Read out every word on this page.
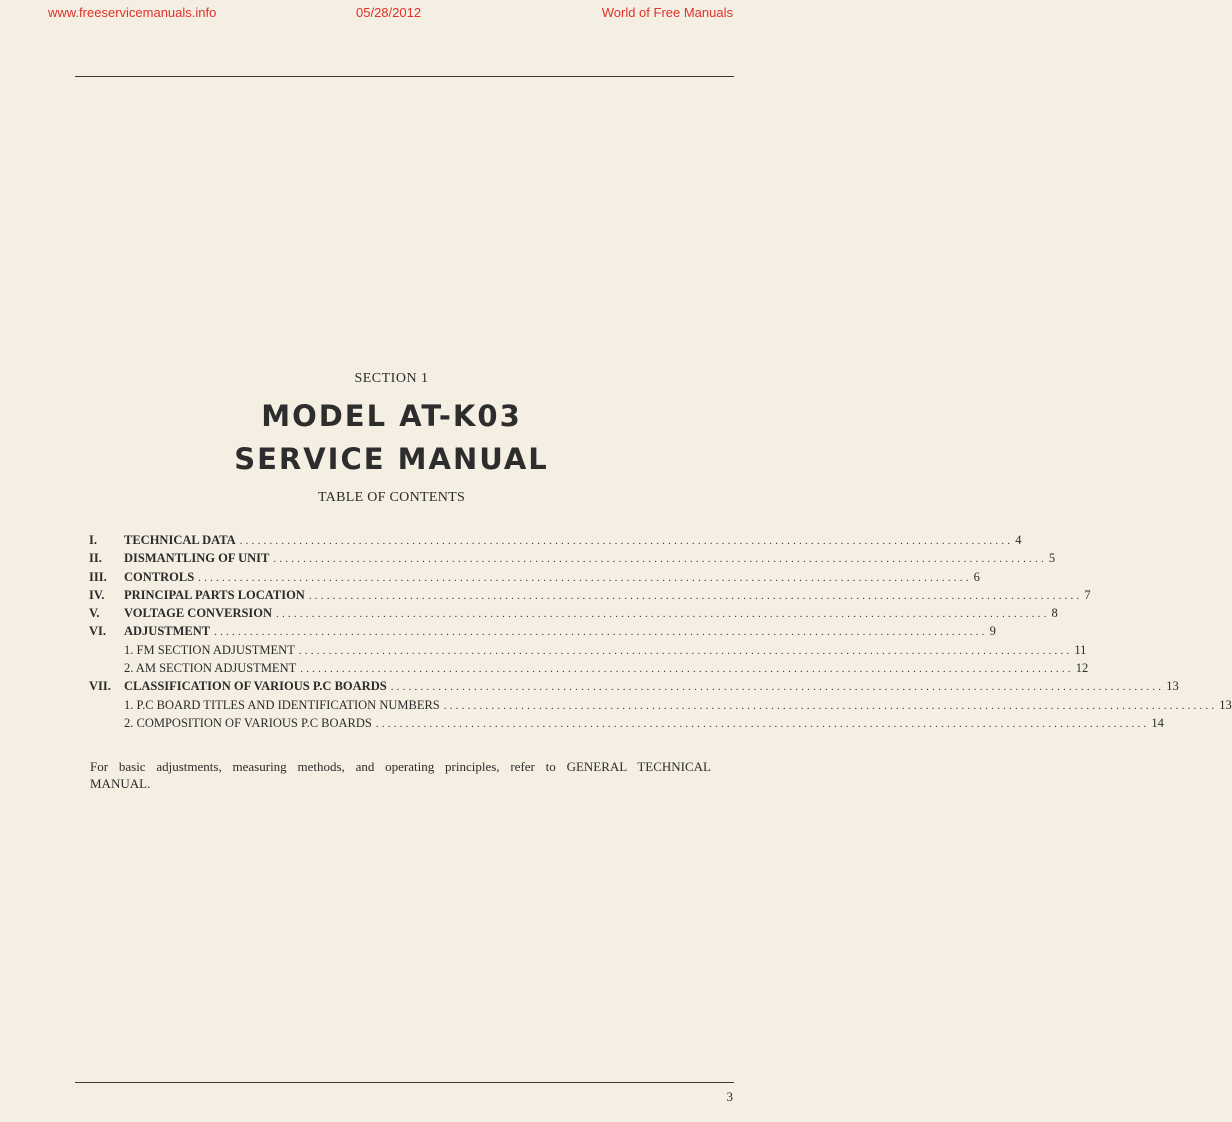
www.freeservicemanuals.info	05/28/2012	World of Free Manuals
SECTION 1
MODEL AT-K03
SERVICE MANUAL
TABLE OF CONTENTS
I.	TECHNICAL DATA .................................................................................................................................. 4
II.	DISMANTLING OF UNIT .................................................................................................................................. 5
III.	CONTROLS .................................................................................................................................. 6
IV.	PRINCIPAL PARTS LOCATION .................................................................................................................................. 7
V.	VOLTAGE CONVERSION .................................................................................................................................. 8
VI.	ADJUSTMENT .................................................................................................................................. 9
1. FM SECTION ADJUSTMENT .................................................................................................................................. 11
2. AM SECTION ADJUSTMENT .................................................................................................................................. 12
VII.	CLASSIFICATION OF VARIOUS P.C BOARDS .................................................................................................................................. 13
1. P.C BOARD TITLES AND IDENTIFICATION NUMBERS .................................................................................................................................. 13
2. COMPOSITION OF VARIOUS P.C BOARDS .................................................................................................................................. 14
For basic adjustments, measuring methods, and operating principles, refer to GENERAL TECHNICAL MANUAL.
3
